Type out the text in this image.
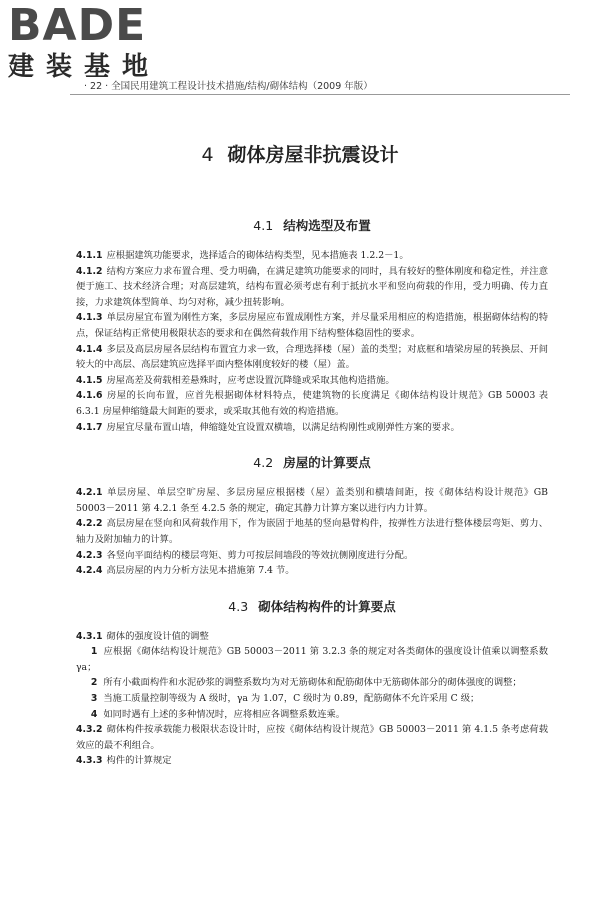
BADE
建装基地
· 22 · 全国民用建筑工程设计技术措施/结构/砌体结构（2009 年版）
4 砌体房屋非抗震设计
4.1 结构选型及布置

4.1.1 应根据建筑功能要求，选择适合的砌体结构类型，见本措施表 1.2.2－1。

4.1.2 结构方案应力求布置合理、受力明确，在满足建筑功能要求的同时，具有较好的整体刚度和稳定性，并注意便于施工、技术经济合理；对高层建筑，结构布置必须考虑有利于抵抗水平和竖向荷载的作用，受力明确、传力直接，力求建筑体型简单、均匀对称，减少扭转影响。

4.1.3 单层房屋宜布置为刚性方案，多层房屋应布置成刚性方案，并尽量采用相应的构造措施，根据砌体结构的特点，保证结构正常使用极限状态的要求和在偶然荷载作用下结构整体稳固性的要求。

4.1.4 多层及高层房屋各层结构布置宜力求一致，合理选择楼（屋）盖的类型；对底框和墙梁房屋的转换层、开间较大的中高层、高层建筑应选择平面内整体刚度较好的楼（屋）盖。

4.1.5 房屋高差及荷载相差悬殊时，应考虑设置沉降缝或采取其他构造措施。

4.1.6 房屋的长向布置，应首先根据砌体材料特点，使建筑物的长度满足《砌体结构设计规范》GB 50003 表 6.3.1 房屋伸缩缝最大间距的要求，或采取其他有效的构造措施。

4.1.7 房屋宜尽量布置山墙，伸缩缝处宜设置双横墙，以满足结构刚性或刚弹性方案的要求。

4.2 房屋的计算要点

4.2.1 单层房屋、单层空旷房屋、多层房屋应根据楼（屋）盖类别和横墙间距，按《砌体结构设计规范》GB 50003－2011 第 4.2.1 条至 4.2.5 条的规定，确定其静力计算方案以进行内力计算。

4.2.2 高层房屋在竖向和风荷载作用下，作为嵌固于地基的竖向悬臂构件，按弹性方法进行整体楼层弯矩、剪力、轴力及附加轴力的计算。

4.2.3 各竖向平面结构的楼层弯矩、剪力可按层间墙段的等效抗侧刚度进行分配。

4.2.4 高层房屋的内力分析方法见本措施第 7.4 节。

4.3 砌体结构构件的计算要点

4.3.1 砌体的强度设计值的调整

1 应根据《砌体结构设计规范》GB 50003－2011 第 3.2.3 条的规定对各类砌体的强度设计值乘以调整系数 γa；

2 所有小截面构件和水泥砂浆的调整系数均为对无筋砌体和配筋砌体中无筋砌体部分的砌体强度的调整；

3 当施工质量控制等级为 A 级时，γa 为 1.07，C 级时为 0.89，配筋砌体不允许采用 C 级；

4 如同时遇有上述的多种情况时，应将相应各调整系数连乘。

4.3.2 砌体构件按承载能力极限状态设计时，应按《砌体结构设计规范》GB 50003－2011 第 4.1.5 条考虑荷载效应的最不利组合。

4.3.3 构件的计算规定
